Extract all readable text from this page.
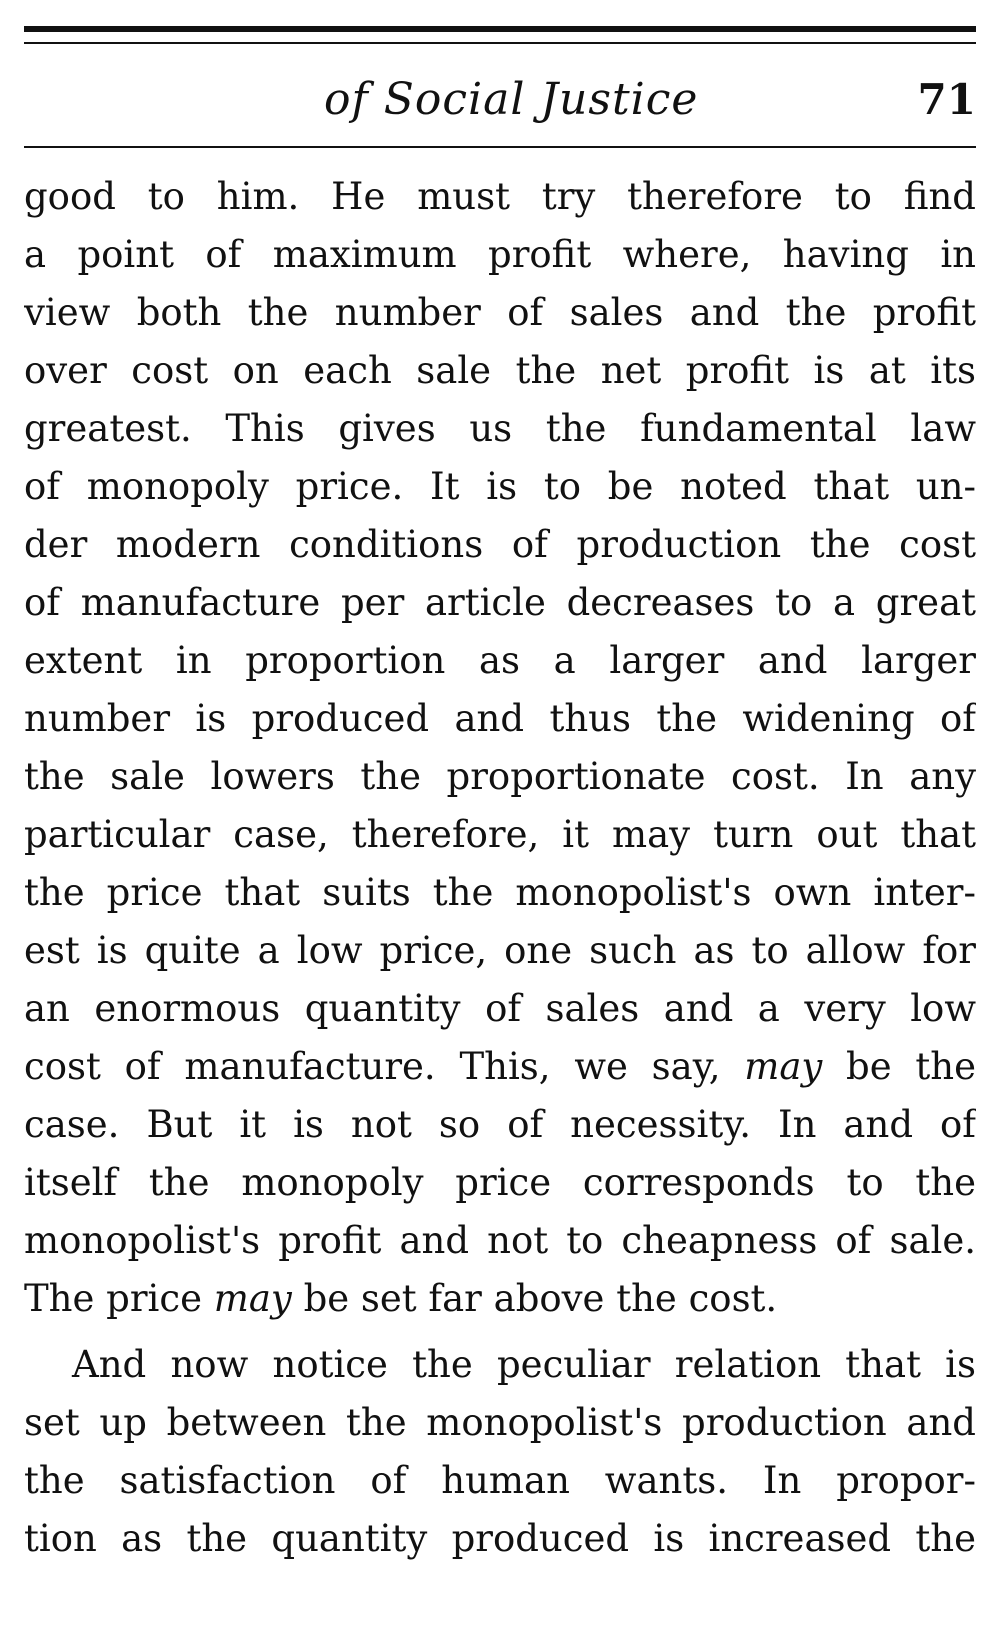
of Social Justice	71
good to him. He must try therefore to find
a point of maximum profit where, having in
view both the number of sales and the profit
over cost on each sale the net profit is at its
greatest. This gives us the fundamental law
of monopoly price. It is to be noted that un-
der modern conditions of production the cost
of manufacture per article decreases to a great
extent in proportion as a larger and larger
number is produced and thus the widening of
the sale lowers the proportionate cost. In any
particular case, therefore, it may turn out that
the price that suits the monopolist's own inter-
est is quite a low price, one such as to allow for
an enormous quantity of sales and a very low
cost of manufacture. This, we say, may be the
case. But it is not so of necessity. In and of
itself the monopoly price corresponds to the
monopolist's profit and not to cheapness of sale.
The price may be set far above the cost.
And now notice the peculiar relation that is
set up between the monopolist's production and
the satisfaction of human wants. In propor-
tion as the quantity produced is increased the
